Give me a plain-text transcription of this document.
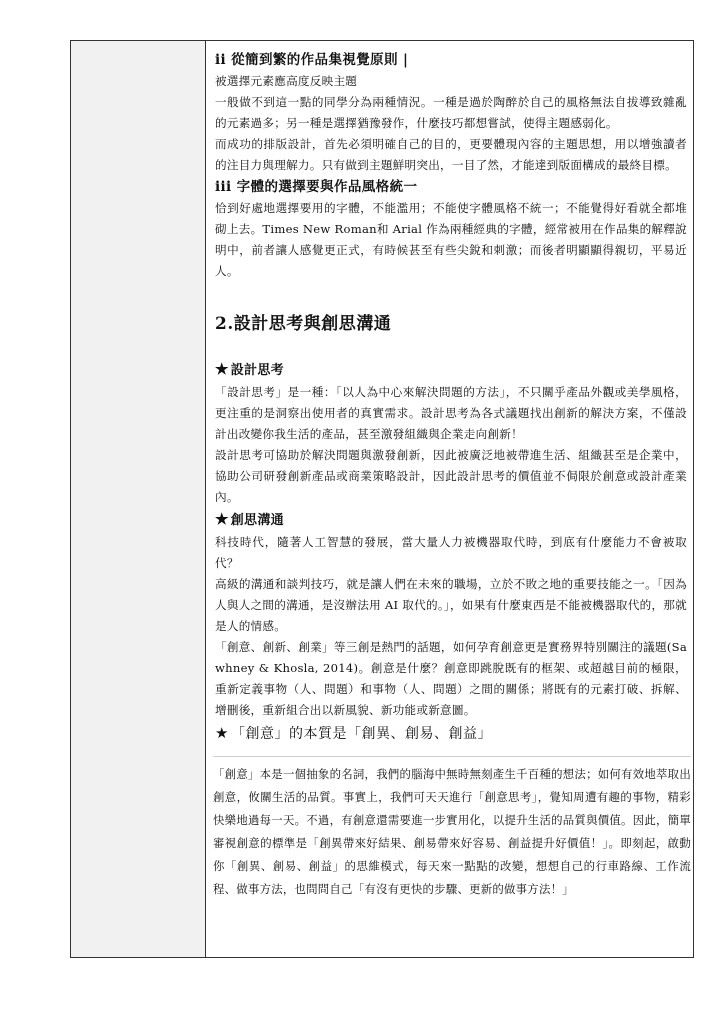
ii 從簡到繁的作品集視覺原則 |

被選擇元素應高度反映主題

一般做不到這一點的同學分為兩種情況。一種是過於陶醉於自己的風格無法自拔導致雜亂的元素過多；另一種是選擇猶豫發作，什麼技巧都想嘗試，使得主題感弱化。

而成功的排版設計，首先必須明確自己的目的，更要體現內容的主題思想，用以增強讀者的注目力與理解力。只有做到主題鮮明突出，一目了然，才能達到版面構成的最終目標。

iii 字體的選擇要與作品風格統一

恰到好處地選擇要用的字體，不能濫用；不能使字體風格不統一；不能覺得好看就全都堆砌上去。Times New Roman和 Arial 作為兩種經典的字體，經常被用在作品集的解釋說明中，前者讓人感覺更正式，有時候甚至有些尖銳和刺激；而後者明顯顯得親切，平易近人。

2.設計思考與創思溝通

★ 設計思考

「設計思考」是一種：「以人為中心來解決問題的方法」，不只關乎產品外觀或美學風格，更注重的是洞察出使用者的真實需求。設計思考為各式議題找出創新的解決方案，不僅設計出改變你我生活的產品，甚至激發組織與企業走向創新！

設計思考可協助於解決問題與激發創新，因此被廣泛地被帶進生活、組織甚至是企業中，協助公司研發創新產品或商業策略設計，因此設計思考的價值並不侷限於創意或設計產業內。

★ 創思溝通

科技時代，隨著人工智慧的發展，當大量人力被機器取代時，到底有什麼能力不會被取代？

高級的溝通和談判技巧，就是讓人們在未來的職場，立於不敗之地的重要技能之一。「因為人與人之間的溝通，是沒辦法用 AI 取代的。」，如果有什麼東西是不能被機器取代的，那就是人的情感。

「創意、創新、創業」等三創是熱門的話題，如何孕育創意更是實務界特別關注的議題(Sawhney & Khosla, 2014)。創意是什麼？創意即跳脫既有的框架、或超越目前的極限，重新定義事物（人、問題）和事物（人、問題）之間的關係；將既有的元素打破、拆解、增刪後，重新組合出以新風貌、新功能或新意圖。

★ 「創意」的本質是「創異、創易、創益」

「創意」本是一個抽象的名詞，我們的腦海中無時無刻產生千百種的想法；如何有效地萃取出創意，攸關生活的品質。事實上，我們可天天進行「創意思考」，覺知周遭有趣的事物，精彩快樂地過每一天。不過，有創意還需要進一步實用化，以提升生活的品質與價值。因此，簡單審視創意的標準是「創異帶來好結果、創易帶來好容易、創益提升好價值！」。即刻起，啟動你「創異、創易、創益」的思維模式，每天來一點點的改變，想想自己的行車路線、工作流程、做事方法，也問問自己「有沒有更快的步驟、更新的做事方法！」
